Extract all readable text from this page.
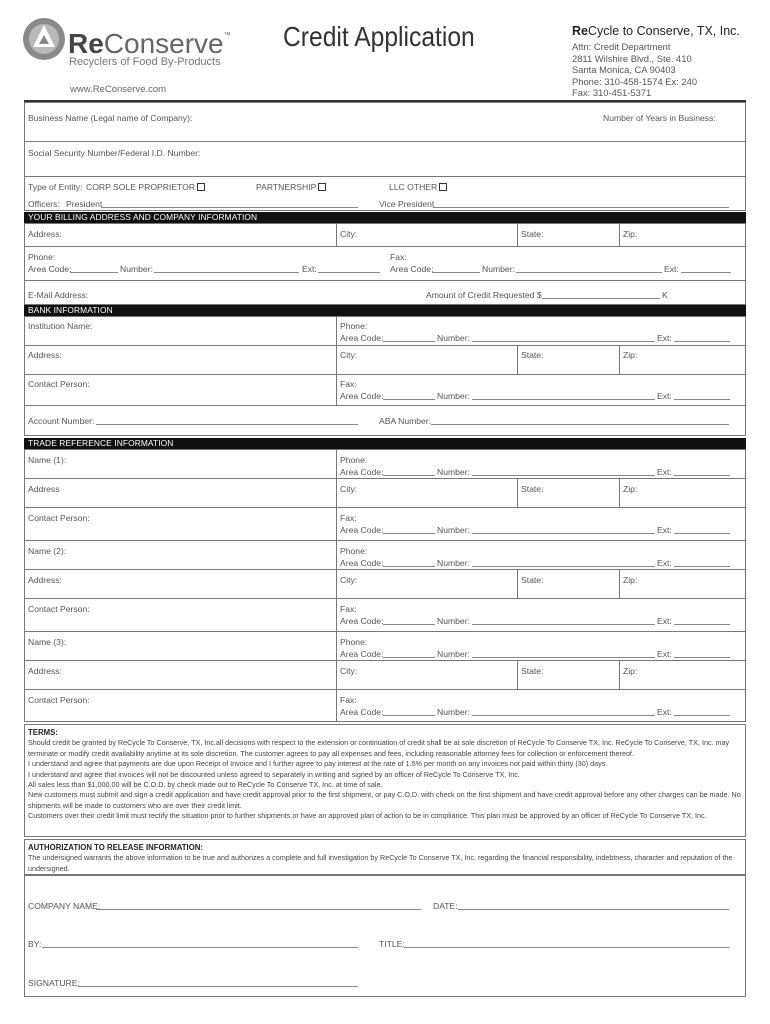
ReConserve™
Recyclers of Food By-Products
www.ReConserve.com
Credit Application	ReCycle to Conserve, TX, Inc.
Attn: Credit Department
2811 Wilshire Blvd., Ste. 410
Santa Monica, CA 90403
Phone: 310-458-1574 Ex: 240
Fax: 310-451-5371
Business Name (Legal name of Company):	Number of Years in Business:
Social Security Number/Federal I.D. Number:
Type of Entity: CORP SOLE PROPRIETOR	PARTNERSHIP	LLC OTHER
Officers: President	Vice President
YOUR BILLING ADDRESS AND COMPANY INFORMATION
Address:	City:	State:	Zip:
Phone:
Area Code:	Number:	Ext:
Fax:
Area Code:	Number:	Ext:
E-Mail Address:	Amount of Credit Requested $	K
BANK INFORMATION
Institution Name:	Phone:
Area Code:	Number:	Ext:
Address:	City:	State:	Zip:
Contact Person:	Fax:
Area Code:	Number:	Ext:
Account Number:	ABA Number:
TRADE REFERENCE INFORMATION
Name (1):	Phone:
Area Code:	Number:	Ext:
Address	City:	State:	Zip:
Contact Person:	Fax:
Area Code:	Number:	Ext:
Name (2):	Phone:
Area Code:	Number:	Ext:
Address:	City:	State:	Zip:
Contact Person:	Fax:
Area Code:	Number:	Ext:
Name (3):	Phone:
Area Code:	Number:	Ext:
Address:	City:	State:	Zip:
Contact Person:	Fax:
Area Code:	Number:	Ext:

TERMS:

Should credit be granted by ReCycle To Conserve, TX, Inc.all decisions with respect to the extension or continuation of credit shall be at sole discretion of ReCycle To Conserve TX, Inc. ReCycle To Conserve, TX, Inc. may terminate or modify credit availability anytime at its sole discretion. The customer agrees to pay all expenses and fees, including reasonable attorney fees for collection or enforcement thereof.

I understand and agree that payments are due upon Receipt of Invoice and I further agree to pay interest at the rate of 1.5% per month on any invoices not paid within thirty (30) days.

I understand and agree that invoices will not be discounted unless agreed to separately in writing and signed by an officer of ReCycle To Conserve TX, Inc.

All sales less than $1,000.00 will be C.O.D. by check made out to ReCycle To Conserve TX, Inc. at time of sale.

New customers must submit and sign a credit application and have credit approval prior to the first shipment, or pay C.O.D. with check on the first shipment and have credit approval before any other charges can be made. No shipments will be made to customers who are over their credit limit.

Customers over their credit limit must rectify the situation prior to further shipments or have an approved plan of action to be in compliance. This plan must be approved by an officer of ReCycle To Conserve TX, Inc.

AUTHORIZATION TO RELEASE INFORMATION:
The undersigned warrants the above information to be true and authorizes a complete and full investigation by ReCycle To Conserve TX, Inc. regarding the financial responsibility, indebtness, character and reputation of the undersigned.
COMPANY NAME:	DATE:
BY:	TITLE:
SIGNATURE:
